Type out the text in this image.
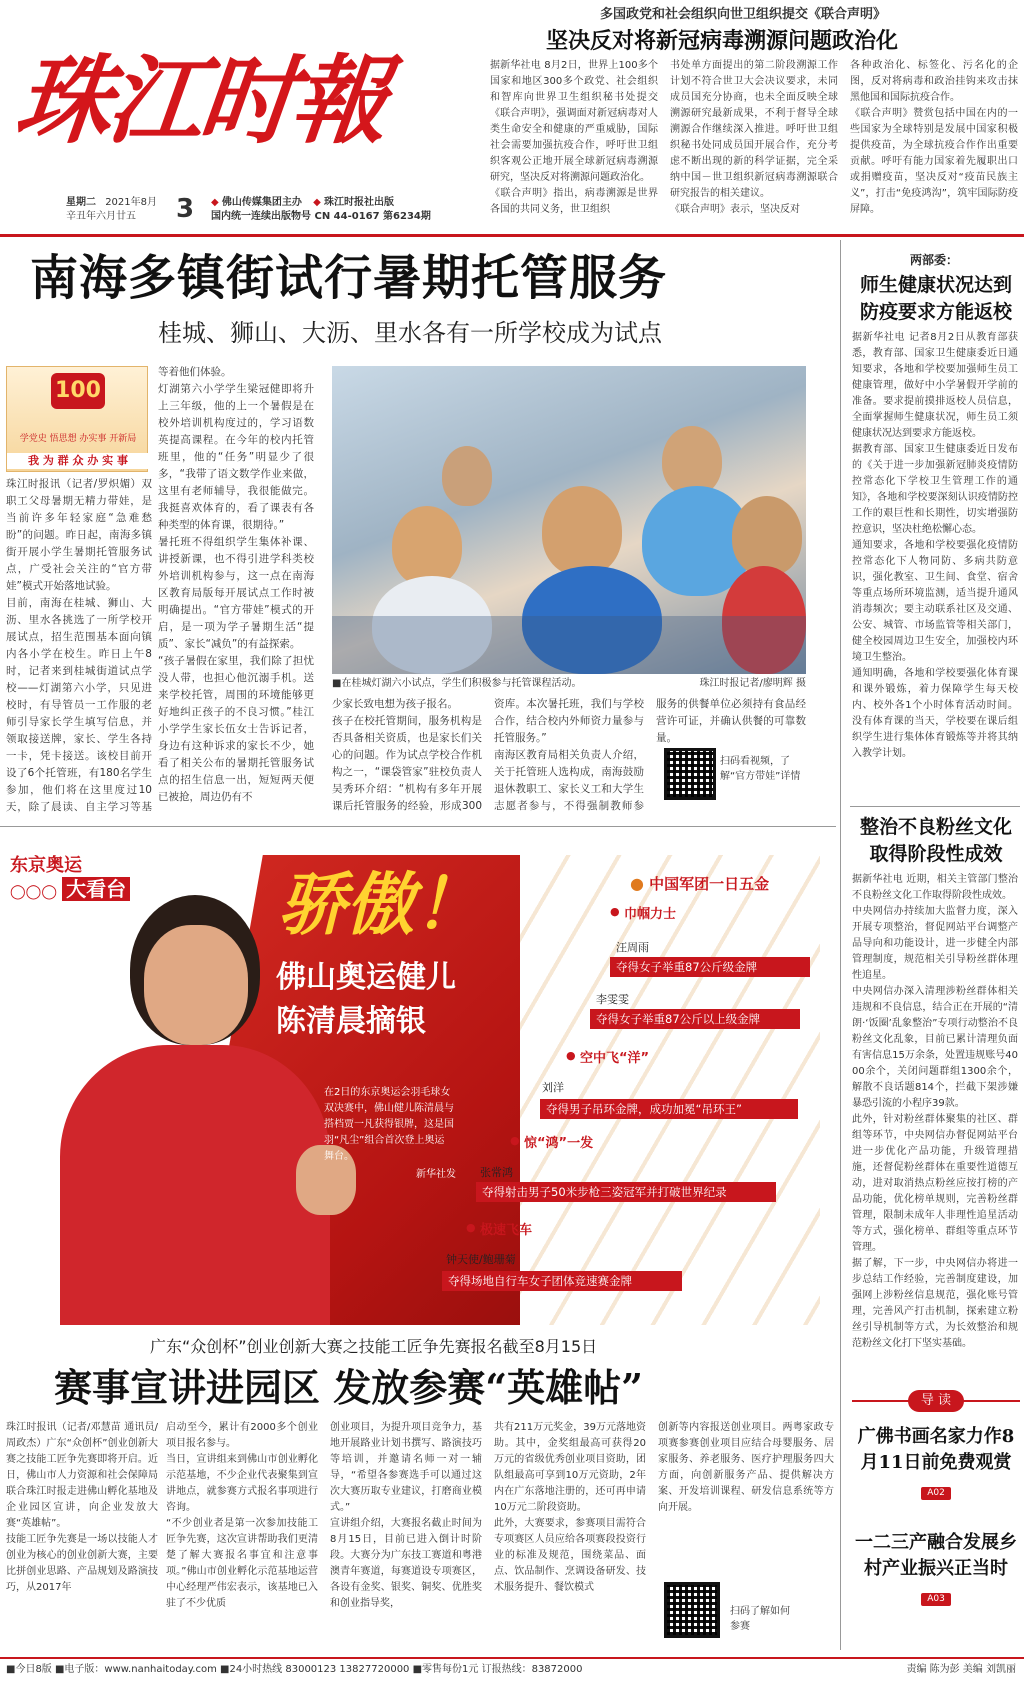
珠江时報
星期二 2021年8月
辛丑年六月廿五	3 ◆ 佛山传媒集团主办 ◆ 珠江时报社出版
国内统一连续出版物号 CN 44-0167 第6234期
多国政党和社会组织向世卫组织提交《联合声明》
坚决反对将新冠病毒溯源问题政治化
据新华社电 8月2日，世界上100多个国家和地区300多个政党、社会组织和智库向世界卫生组织秘书处提交《联合声明》，强调面对新冠病毒对人类生命安全和健康的严重威胁，国际社会需要加强抗疫合作，呼吁世卫组织客观公正地开展全球新冠病毒溯源研究，坚决反对将溯源问题政治化。
《联合声明》指出，病毒溯源是世界各国的共同义务，世卫组织
书处单方面提出的第二阶段溯源工作计划不符合世卫大会决议要求，未同成员国充分协商，也未全面反映全球溯源研究最新成果，不利于督导全球溯源合作继续深入推进。呼吁世卫组织秘书处同成员国开展合作，充分考虑不断出现的新的科学证据，完全采纳中国－世卫组织新冠病毒溯源联合研究报告的相关建议。
《联合声明》表示，坚决反对
各种政治化、标签化、污名化的企图，反对将病毒和政治挂钩来攻击抹黑他国和国际抗疫合作。
《联合声明》赞赏包括中国在内的一些国家为全球特别是发展中国家积极提供疫苗，为全球抗疫合作作出重要贡献。呼吁有能力国家着先履职出口或捐赠疫苗，坚决反对“疫苗民族主义”，打击“免疫鸿沟”，筑牢国际防疫屏障。
南海多镇街试行暑期托管服务
桂城、狮山、大沥、里水各有一所学校成为试点
100
学党史 悟思想 办实事 开新局
我 为 群 众 办 实 事
珠江时报讯（记者/罗炽媚）双职工父母暑期无精力带娃，是当前许多年轻家庭“急难愁盼”的问题。昨日起，南海多镇街开展小学生暑期托管服务试点，广受社会关注的“官方带娃”模式开始落地试验。
目前，南海在桂城、狮山、大沥、里水各挑选了一所学校开展试点，招生范围基本面向镇内各小学在校生。昨日上午8时，记者来到桂城街道试点学校——灯湖第六小学，只见进校时，有导管员一工作服的老师引导家长学生填写信息，并领取接送牌，家长、学生各持一卡，凭卡接送。该校目前开设了6个托管班，有180名学生参加，他们将在这里度过10天，除了晨读、自主学习等基
等着他们体验。
灯湖第六小学学生梁冠健即将升上三年级，他的上一个暑假是在校外培训机构度过的，学习语数英提高课程。在今年的校内托管班里，他的“任务”明显少了很多，“我带了语文数学作业来做，这里有老师辅导，我很能做完。我挺喜欢体育的，看了课表有各种类型的体育课，很期待。”
暑托班不得组织学生集体补课、讲授新课，也不得引进学科类校外培训机构参与，这一点在南海区教育局版每开展试点工作时被明确提出。“官方带娃”模式的开启，是一项为学子暑期生活“提质”、家长“减负”的有益探索。
“孩子暑假在家里，我们除了担忧没人带，也担心他沉溺手机。送来学校托管，周围的环境能够更好地纠正孩子的不良习惯。”桂江小学学生家长伍女士告诉记者，身边有这种诉求的家长不少，她看了相关公布的暑期托管服务试点的招生信息一出，短短两天便已被抢，周边仍有不
■在桂城灯湖六小试点，学生们积极参与托管课程活动。	珠江时报记者/廖明辉 摄
少家长致电想为孩子报名。
孩子在校托管期间，服务机构是否具备相关资质，也是家长们关心的问题。作为试点学校合作机构之一，“课袋管家”驻校负责人吴秀环介绍：“机构有多年开展课后托管服务的经验，形成300
资库。本次暑托班，我们与学校合作，结合校内外师资力量参与托管服务。”
南海区教育局相关负责人介绍，关于托管班人选构成，南海鼓励退休教职工、家长义工和大学生志愿者参与，不得强制教师参
服务的供餐单位必须持有食品经营许可证，并确认供餐的可靠数量。
扫码看视频，了解“官方带娃”详情
东京奥运
◯◯◯ 大看台	骄傲！
佛山奥运健儿
陈清晨摘银
在2日的东京奥运会羽毛球女双决赛中，佛山健儿陈清晨与搭档贾一凡获得银牌，这是国羽“凡尘”组合首次登上奥运舞台。
新华社发
● 中国军团一日五金
● 巾帼力士
汪周雨
夺得女子举重87公斤级金牌
李雯雯
夺得女子举重87公斤以上级金牌
● 空中飞“洋”
刘洋
夺得男子吊环金牌，成功加冕“吊环王”
● 惊“鸿”一发
张常鸿
夺得射击男子50米步枪三姿冠军并打破世界纪录
● 极速飞车
钟天使/鲍珊菊
夺得场地自行车女子团体竞速赛金牌
两部委：
师生健康状况达到防疫要求方能返校
据新华社电 记者8月2日从教育部获悉，教育部、国家卫生健康委近日通知要求，各地和学校要加强师生员工健康管理，做好中小学暑假开学前的准备。要求提前摸排返校人员信息，全面掌握师生健康状况，师生员工须健康状况达到要求方能返校。
据教育部、国家卫生健康委近日发布的《关于进一步加强新冠肺炎疫情防控常态化下学校卫生管理工作的通知》，各地和学校要深刻认识疫情防控工作的艰巨性和长期性，切实增强防控意识，坚决杜绝松懈心态。
通知要求，各地和学校要强化疫情防控常态化下人物同防、多病共防意识，强化教室、卫生间、食堂、宿舍等重点场所环境监测，适当提升通风消毒频次；要主动联系社区及交通、公安、城管、市场监管等相关部门，健全校园周边卫生安全，加强校内环境卫生整治。
通知明确，各地和学校要强化体育课和课外锻炼，着力保障学生每天校内、校外各1个小时体育活动时间。没有体育课的当天，学校要在课后组织学生进行集体体育锻炼等并将其纳入教学计划。
整治不良粉丝文化取得阶段性成效
据新华社电 近期，相关主管部门整治不良粉丝文化工作取得阶段性成效。
中央网信办持续加大监督力度，深入开展专项整治，督促网站平台调整产品导向和功能设计，进一步健全内部管理制度，规范相关引导粉丝群体理性追星。
中央网信办深入清理涉粉丝群体相关违规和不良信息，结合正在开展的“清朗·‘饭圈’乱象整治”专项行动整治不良粉丝文化乱象，目前已累计清理负面有害信息15万余条，处置违规账号4000余个，关闭问题群组1300余个，解散不良话题814个，拦截下架涉嫌暴恐引流的小程序39款。
此外，针对粉丝群体聚集的社区、群组等环节，中央网信办督促网站平台进一步优化产品功能，升级管理措施，还督促粉丝群体在重要性道德互动，进对取消热点粉丝应按打榜的产品功能，优化榜单规则，完善粉丝群管理，限制未成年人非理性追星活动等方式，强化榜单、群组等重点环节管理。
据了解，下一步，中央网信办将进一步总结工作经验，完善制度建设，加强网上涉粉丝信息规范，强化账号管理，完善风产打击机制，探索建立粉丝引导机制等方式，为长效整治和规范粉丝文化打下坚实基础。
导 读
广佛书画名家力作8月11日前免费观赏
A02
一二三产融合发展乡村产业振兴正当时
A03
广东“众创杯”创业创新大赛之技能工匠争先赛报名截至8月15日
赛事宣讲进园区 发放参赛“英雄帖”
珠江时报讯（记者/邓慧苗 通讯员/周政杰）广东“众创杯”创业创新大赛之技能工匠争先赛即将开启。近日，佛山市人力资源和社会保障局联合珠江时报走进佛山孵化基地及企业园区宣讲，向企业发放大赛“英雄帖”。
技能工匠争先赛是一场以技能人才创业为核心的创业创新大赛，主要比拼创业思路、产品规划及路演技巧，从2017年
启动至今，累计有2000多个创业项目报名参与。
当日，宣讲组来到佛山市创业孵化示范基地，不少企业代表聚集到宣讲地点，就参赛方式报名事项进行咨询。
“不少创业者是第一次参加技能工匠争先赛，这次宣讲帮助我们更清楚了解大赛报名事宜和注意事项。”佛山市创业孵化示范基地运营中心经理严伟宏表示，该基地已入驻了不少优质
创业项目，为提升项目竞争力，基地开展路业计划书撰写、路演技巧等培训，并邀请名师一对一辅导，“希望各参赛选手可以通过这次大赛历取专业建议，打磨商业模式。”
宣讲组介绍，大赛报名截止时间为8月15日，目前已进入倒计时阶段。大赛分为广东技工赛道和粤港澳青年赛道，每赛道设专项赛区，各设有金奖、银奖、铜奖、优胜奖和创业指导奖，
共有211万元奖金，39万元落地资助。其中，金奖组最高可获得20万元的省级优秀创业项目资助，团队组最高可享到10万元资助，2年内在广东落地注册的，还可再申请10万元二阶段资助。
此外，大赛要求，参赛项目需符合专项赛区人员应给各项赛段投资行业的标准及规范，围绕菜品、面点、饮品制作、烹调设备研发、技术服务提升、餐饮模式
创新等内容报送创业项目。两粤家政专项赛参赛创业项目应结合母婴服务、居家服务、养老服务、医疗护理服务四大方面，向创新服务产品、提供解决方案、开发培训课程、研发信息系统等方向开展。
扫码了解如何参赛
■今日8版 ■电子版：www.nanhaitoday.com ■24小时热线 83000123 13827720000 ■零售每份1元 订报热线：83872000	责编 陈为彭 美编 刘凯丽
